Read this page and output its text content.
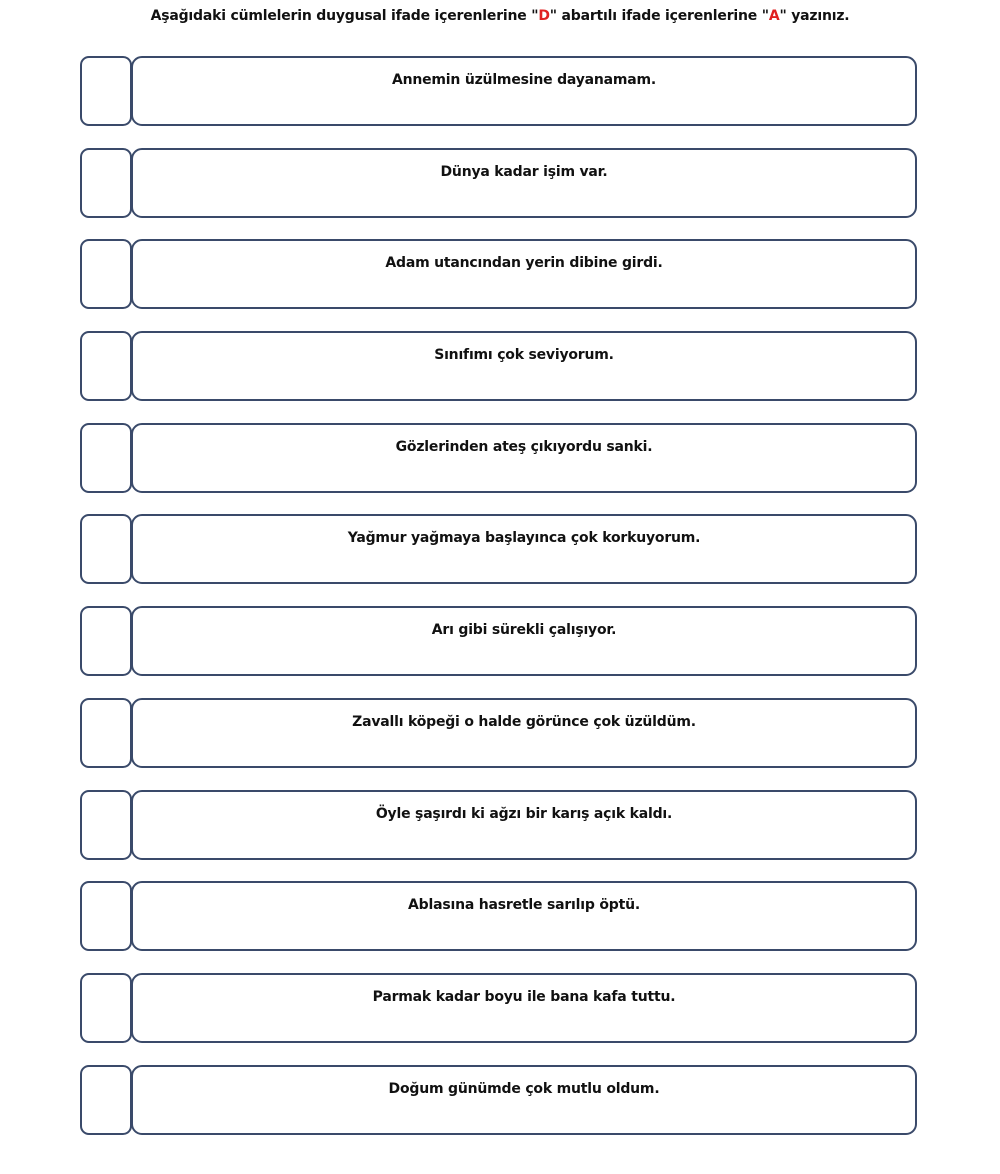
Aşağıdaki cümlelerin duygusal ifade içerenlerine "D" abartılı ifade içerenlerine "A" yazınız.
Annemin üzülmesine dayanamam.
Dünya kadar işim var.
Adam utancından yerin dibine girdi.
Sınıfımı çok seviyorum.
Gözlerinden ateş çıkıyordu sanki.
Yağmur yağmaya başlayınca çok korkuyorum.
Arı gibi sürekli çalışıyor.
Zavallı köpeği o halde görünce çok üzüldüm.
Öyle şaşırdı ki ağzı bir karış açık kaldı.
Ablasına hasretle sarılıp öptü.
Parmak kadar boyu ile bana kafa tuttu.
Doğum günümde çok mutlu oldum.
